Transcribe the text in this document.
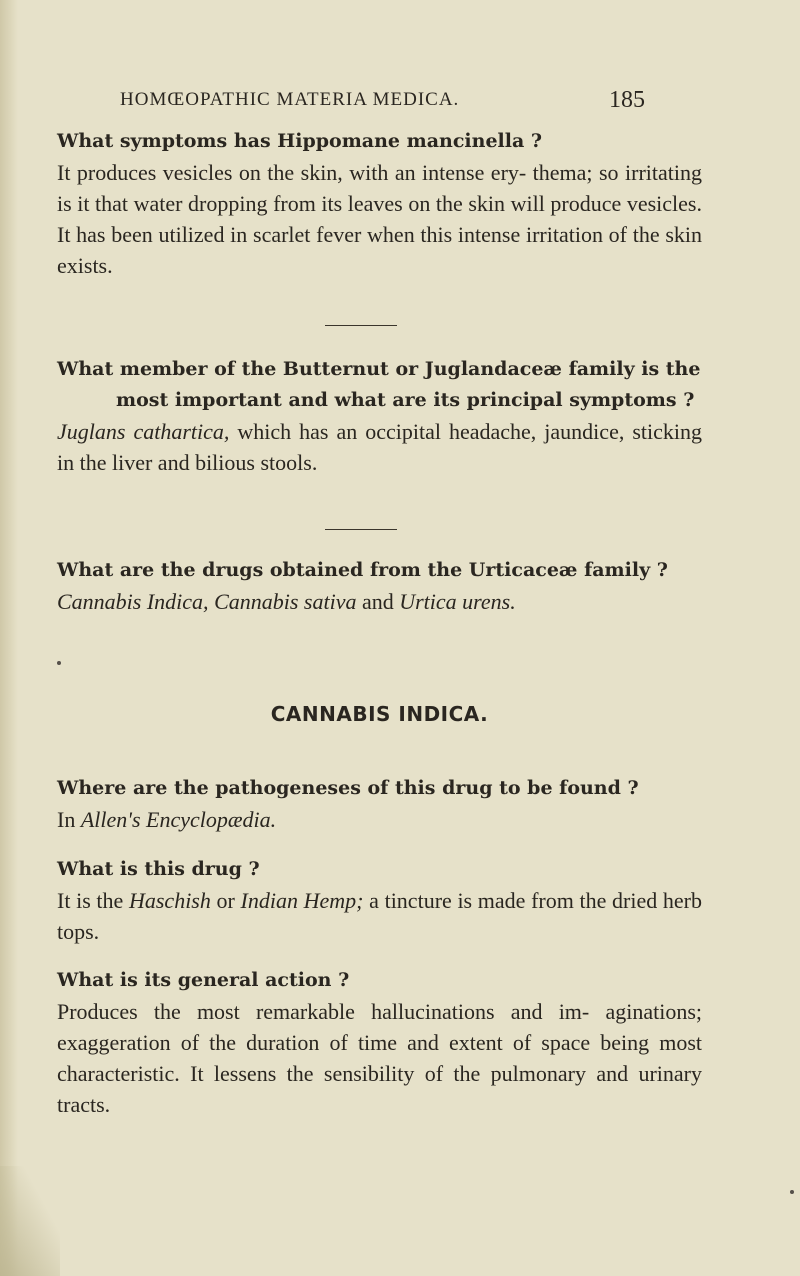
HOMŒOPATHIC MATERIA MEDICA.	185

What symptoms has Hippomane mancinella ?

It produces vesicles on the skin, with an intense ery- thema; so irritating is it that water dropping from its leaves on the skin will produce vesicles. It has been utilized in scarlet fever when this intense irritation of the skin exists.

What member of the Butternut or Juglandaceæ family is the most important and what are its principal symptoms ?

Juglans cathartica, which has an occipital headache, jaundice, sticking in the liver and bilious stools.

What are the drugs obtained from the Urticaceæ family ?

Cannabis Indica, Cannabis sativa and Urtica urens.

CANNABIS INDICA.

Where are the pathogeneses of this drug to be found ?

In Allen's Encyclopædia.

What is this drug ?

It is the Haschish or Indian Hemp; a tincture is made from the dried herb tops.

What is its general action ?

Produces the most remarkable hallucinations and im- aginations; exaggeration of the duration of time and extent of space being most characteristic. It lessens the sensibility of the pulmonary and urinary tracts.
